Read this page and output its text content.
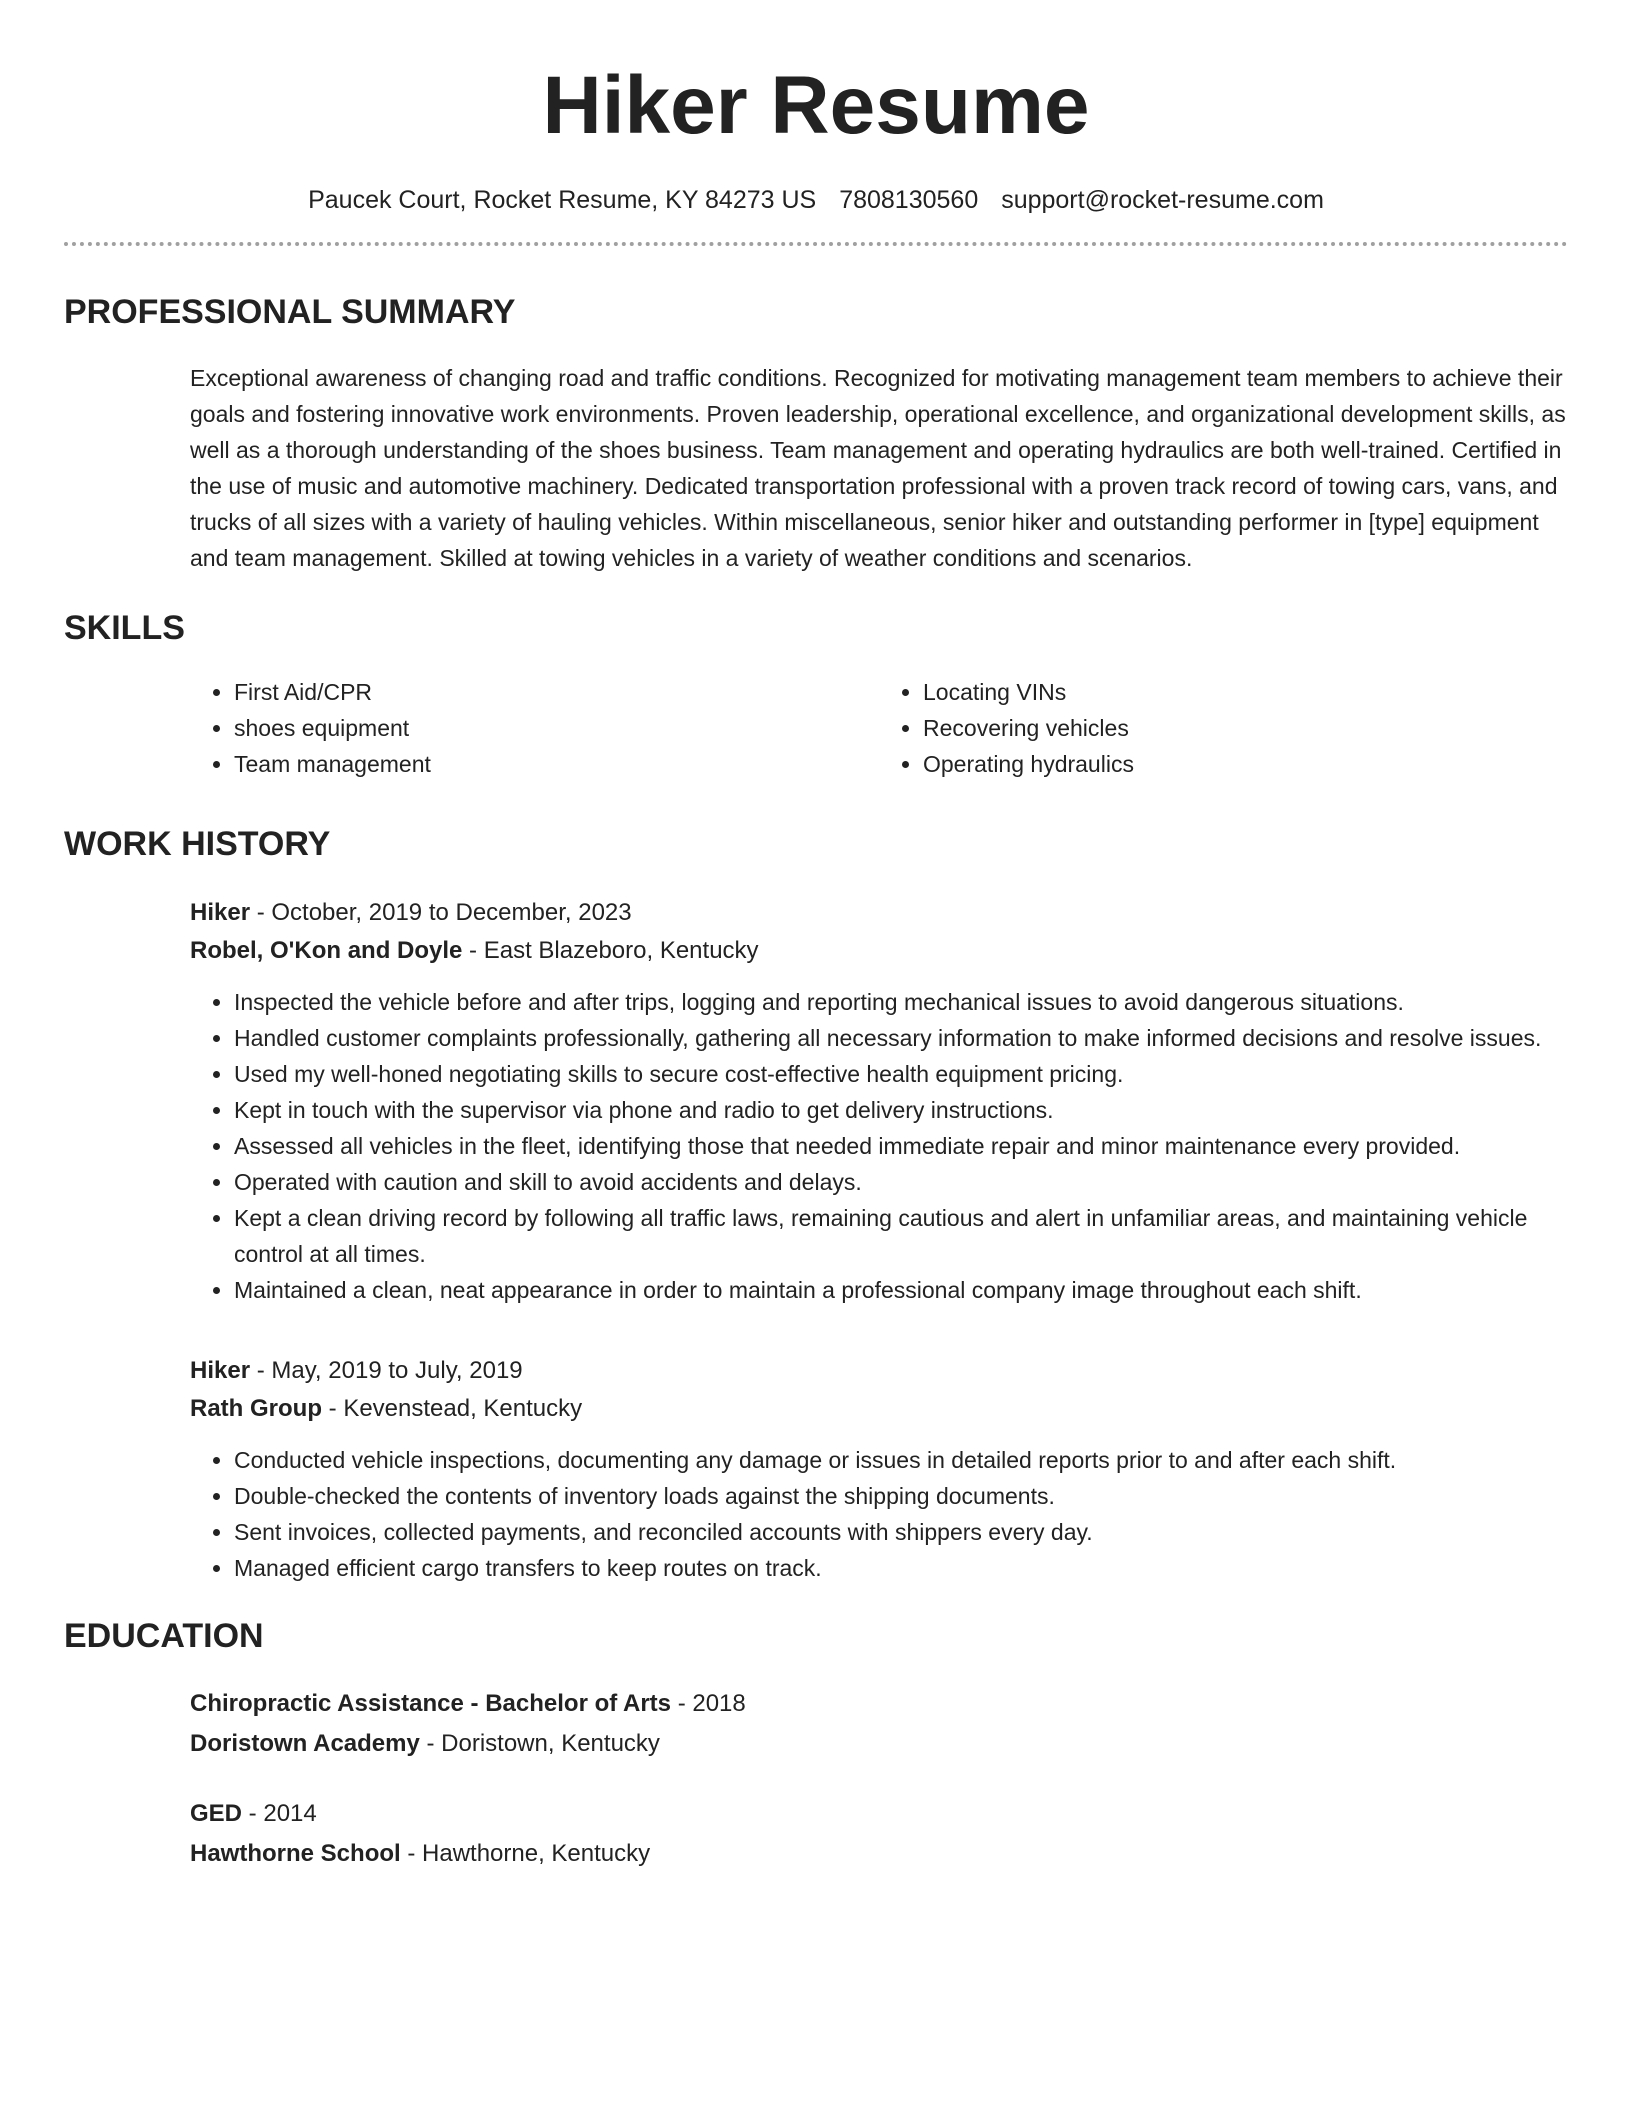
Hiker Resume
Paucek Court, Rocket Resume, KY 84273 US 7808130560 support@rocket-resume.com
PROFESSIONAL SUMMARY

Exceptional awareness of changing road and traffic conditions. Recognized for motivating management team members to achieve their goals and fostering innovative work environments. Proven leadership, operational excellence, and organizational development skills, as well as a thorough understanding of the shoes business. Team management and operating hydraulics are both well-trained. Certified in the use of music and automotive machinery. Dedicated transportation professional with a proven track record of towing cars, vans, and trucks of all sizes with a variety of hauling vehicles. Within miscellaneous, senior hiker and outstanding performer in [type] equipment and team management. Skilled at towing vehicles in a variety of weather conditions and scenarios.

SKILLS
• First Aid/CPR
• shoes equipment
• Team management
• Locating VINs
• Recovering vehicles
• Operating hydraulics
WORK HISTORY
Hiker - October, 2019 to December, 2023
Robel, O'Kon and Doyle - East Blazeboro, Kentucky
• Inspected the vehicle before and after trips, logging and reporting mechanical issues to avoid dangerous situations.
• Handled customer complaints professionally, gathering all necessary information to make informed decisions and resolve issues.
• Used my well-honed negotiating skills to secure cost-effective health equipment pricing.
• Kept in touch with the supervisor via phone and radio to get delivery instructions.
• Assessed all vehicles in the fleet, identifying those that needed immediate repair and minor maintenance every provided.
• Operated with caution and skill to avoid accidents and delays.
• Kept a clean driving record by following all traffic laws, remaining cautious and alert in unfamiliar areas, and maintaining vehicle control at all times.
• Maintained a clean, neat appearance in order to maintain a professional company image throughout each shift.
Hiker - May, 2019 to July, 2019
Rath Group - Kevenstead, Kentucky
• Conducted vehicle inspections, documenting any damage or issues in detailed reports prior to and after each shift.
• Double-checked the contents of inventory loads against the shipping documents.
• Sent invoices, collected payments, and reconciled accounts with shippers every day.
• Managed efficient cargo transfers to keep routes on track.
EDUCATION
Chiropractic Assistance - Bachelor of Arts - 2018
Doristown Academy - Doristown, Kentucky
GED - 2014
Hawthorne School - Hawthorne, Kentucky
